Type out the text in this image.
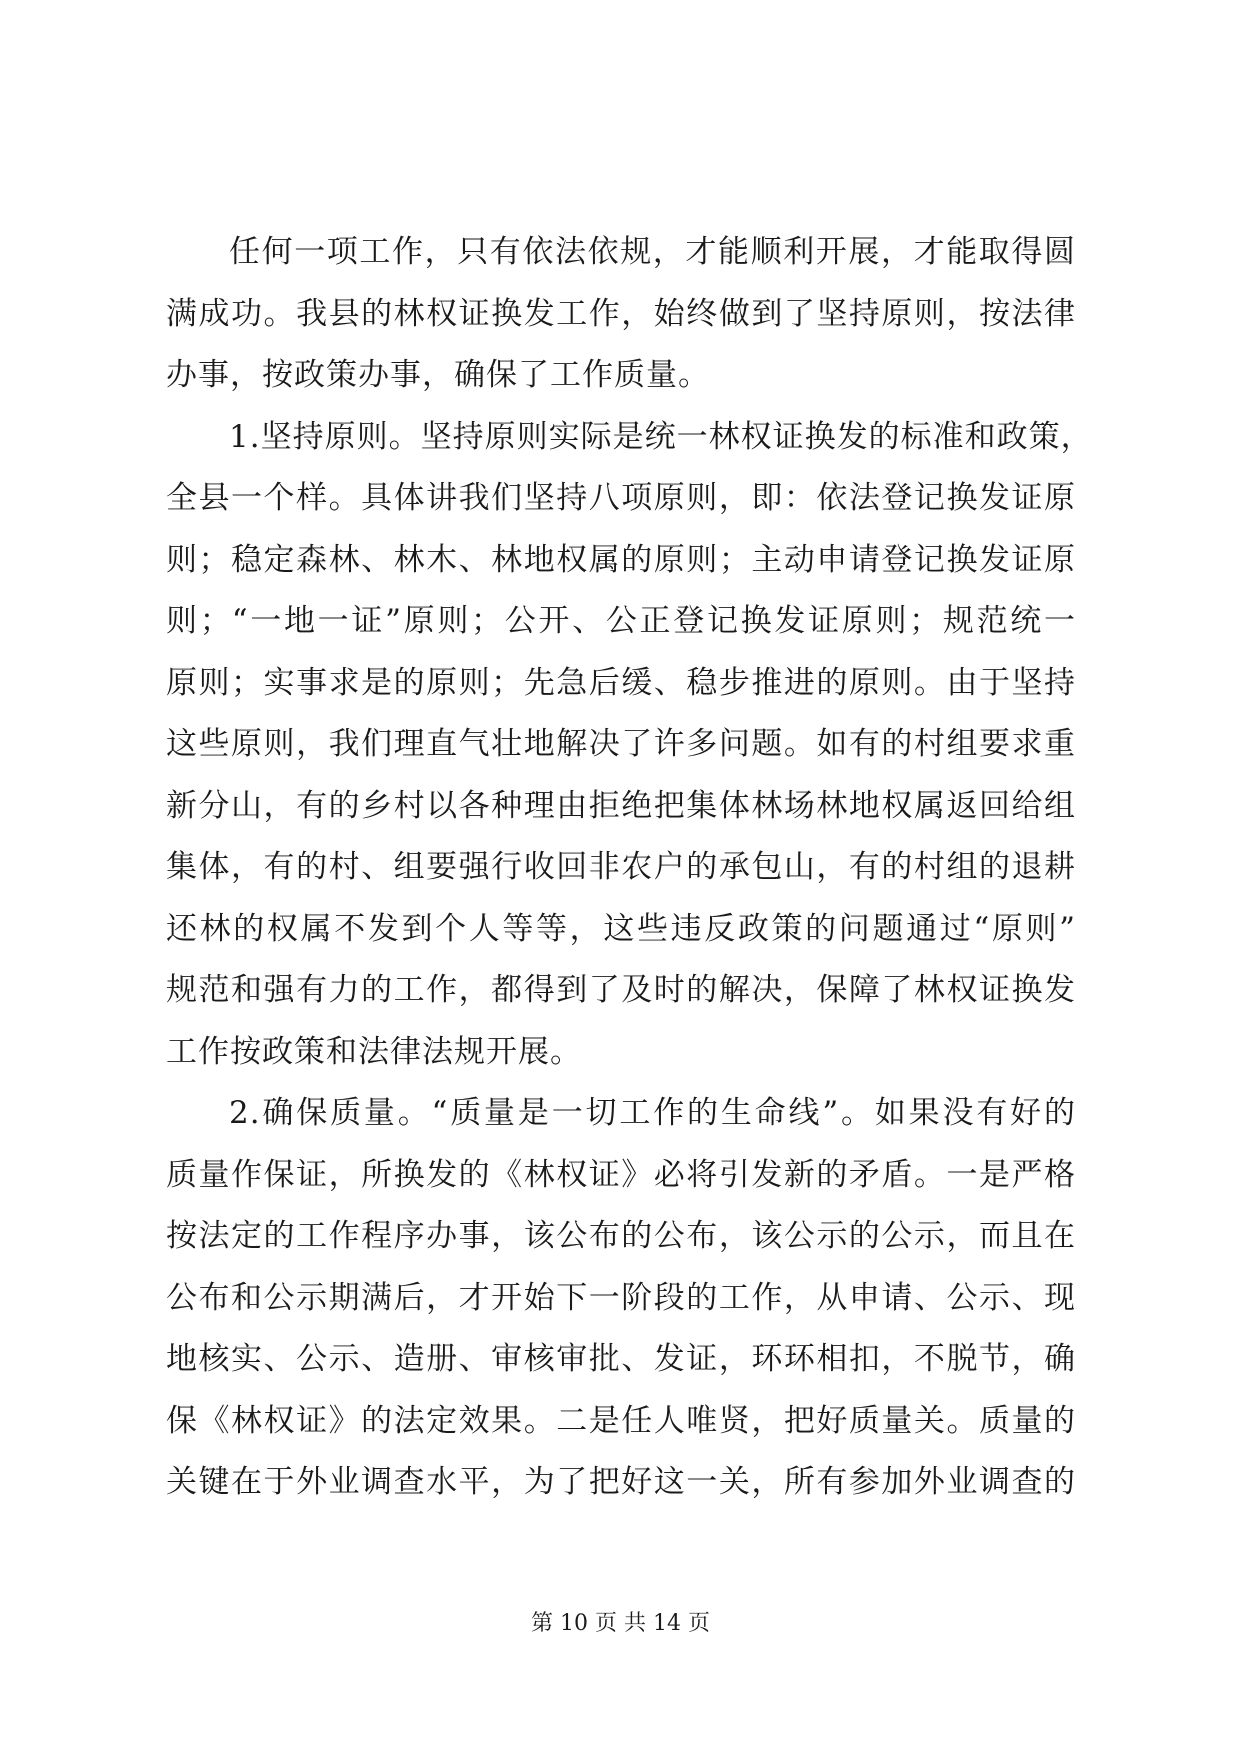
任何一项工作，只有依法依规，才能顺利开展，才能取得圆
满成功。我县的林权证换发工作，始终做到了坚持原则，按法律
办事，按政策办事，确保了工作质量。
1.坚持原则。坚持原则实际是统一林权证换发的标准和政策，
全县一个样。具体讲我们坚持八项原则，即：依法登记换发证原
则；稳定森林、林木、林地权属的原则；主动申请登记换发证原
则；“一地一证”原则；公开、公正登记换发证原则；规范统一
原则；实事求是的原则；先急后缓、稳步推进的原则。由于坚持
这些原则，我们理直气壮地解决了许多问题。如有的村组要求重
新分山，有的乡村以各种理由拒绝把集体林场林地权属返回给组
集体，有的村、组要强行收回非农户的承包山，有的村组的退耕
还林的权属不发到个人等等，这些违反政策的问题通过“原则”
规范和强有力的工作，都得到了及时的解决，保障了林权证换发
工作按政策和法律法规开展。
2.确保质量。“质量是一切工作的生命线”。如果没有好的
质量作保证，所换发的《林权证》必将引发新的矛盾。一是严格
按法定的工作程序办事，该公布的公布，该公示的公示，而且在
公布和公示期满后，才开始下一阶段的工作，从申请、公示、现
地核实、公示、造册、审核审批、发证，环环相扣，不脱节，确
保《林权证》的法定效果。二是任人唯贤，把好质量关。质量的
关键在于外业调查水平，为了把好这一关，所有参加外业调查的
第 10 页 共 14 页
